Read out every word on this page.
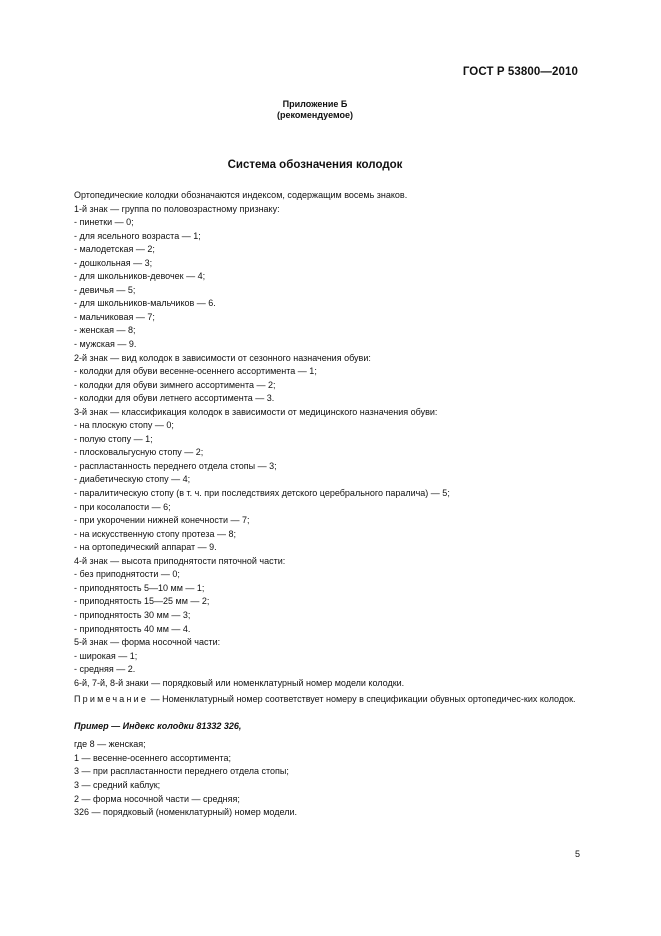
ГОСТ Р 53800—2010
Приложение Б
(рекомендуемое)
Система обозначения колодок
Ортопедические колодки обозначаются индексом, содержащим восемь знаков.
1-й знак — группа по половозрастному признаку:
- пинетки — 0;
- для ясельного возраста — 1;
- малодетская — 2;
- дошкольная — 3;
- для школьников-девочек — 4;
- девичья — 5;
- для школьников-мальчиков — 6.
- мальчиковая — 7;
- женская — 8;
- мужская — 9.
2-й знак — вид колодок в зависимости от сезонного назначения обуви:
- колодки для обуви весенне-осеннего ассортимента — 1;
- колодки для обуви зимнего ассортимента — 2;
- колодки для обуви летнего ассортимента — 3.
3-й знак — классификация колодок в зависимости от медицинского назначения обуви:
- на плоскую стопу — 0;
- полую стопу — 1;
- плосковальгусную стопу — 2;
- распластанность переднего отдела стопы — 3;
- диабетическую стопу — 4;
- паралитическую стопу (в т. ч. при последствиях детского церебрального паралича) — 5;
- при косолапости — 6;
- при укорочении нижней конечности — 7;
- на искусственную стопу протеза — 8;
- на ортопедический аппарат — 9.
4-й знак — высота приподнятости пяточной части:
- без приподнятости — 0;
- приподнятость 5—10 мм — 1;
- приподнятость 15—25 мм — 2;
- приподнятость 30 мм — 3;
- приподнятость 40 мм — 4.
5-й знак — форма носочной части:
- широкая — 1;
- средняя — 2.
6-й, 7-й, 8-й знаки — порядковый или номенклатурный номер модели колодки.
Примечание — Номенклатурный номер соответствует номеру в спецификации обувных ортопедичес-ких колодок.
Пример — Индекс колодки 81332 326,
где 8 — женская;
1 — весенне-осеннего ассортимента;
3 — при распластанности переднего отдела стопы;
3 — средний каблук;
2 — форма носочной части — средняя;
326 — порядковый (номенклатурный) номер модели.
5
